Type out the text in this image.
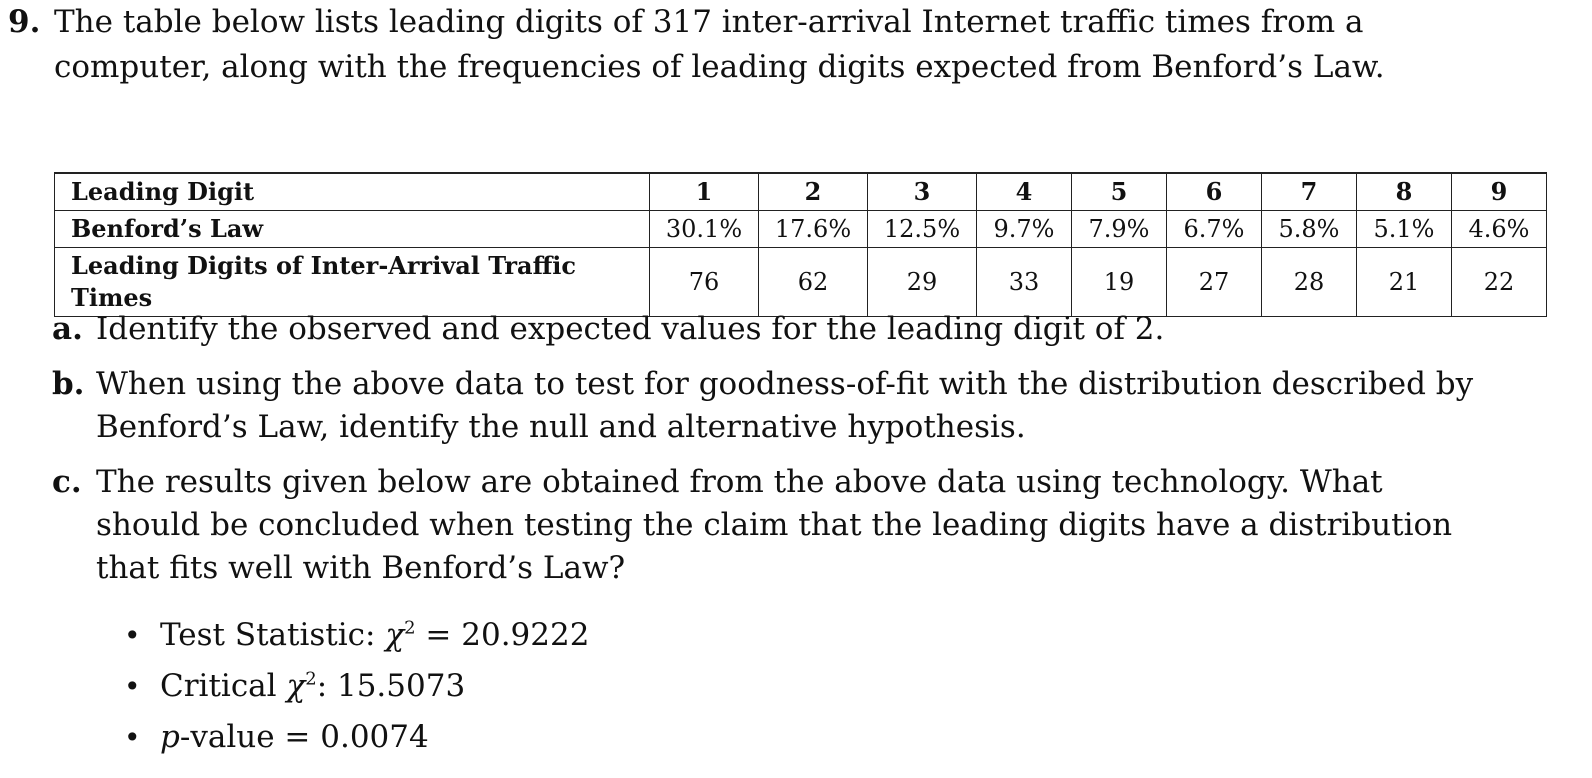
9. The table below lists leading digits of 317 inter-arrival Internet traffic times from a computer, along with the frequencies of leading digits expected from Benford’s Law.
Leading Digit	1	2	3	4	5	6	7	8	9
Benford’s Law	30.1%	17.6%	12.5%	9.7%	7.9%	6.7%	5.8%	5.1%	4.6%
Leading Digits of Inter-Arrival Traffic Times	76	62	29	33	19	27	28	21	22
a. Identify the observed and expected values for the leading digit of 2.
b. When using the above data to test for goodness-of-fit with the distribution described by Benford’s Law, identify the null and alternative hypothesis.
c. The results given below are obtained from the above data using technology. What should be concluded when testing the claim that the leading digits have a distribution that fits well with Benford’s Law?
• Test Statistic: $\chi^2 = 20.9222$
• Critical $\chi^2$: 15.5073
• p-value = 0.0074
